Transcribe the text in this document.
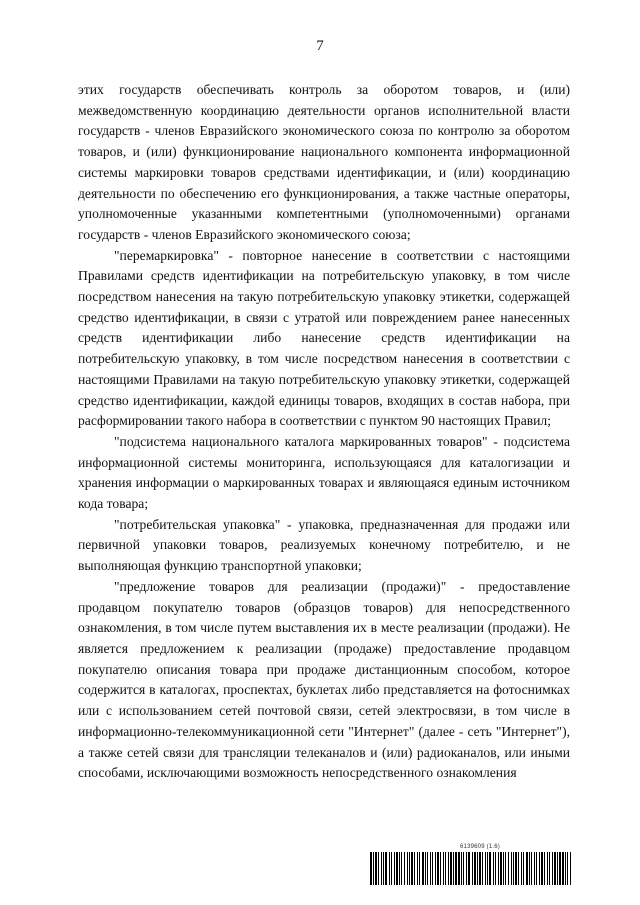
7

этих государств обеспечивать контроль за оборотом товаров, и (или) межведомственную координацию деятельности органов исполнительной власти государств - членов Евразийского экономического союза по контролю за оборотом товаров, и (или) функционирование национального компонента информационной системы маркировки товаров средствами идентификации, и (или) координацию деятельности по обеспечению его функционирования, а также частные операторы, уполномоченные указанными компетентными (уполномоченными) органами государств - членов Евразийского экономического союза;

"перемаркировка" - повторное нанесение в соответствии с настоящими Правилами средств идентификации на потребительскую упаковку, в том числе посредством нанесения на такую потребительскую упаковку этикетки, содержащей средство идентификации, в связи с утратой или повреждением ранее нанесенных средств идентификации либо нанесение средств идентификации на потребительскую упаковку, в том числе посредством нанесения в соответствии с настоящими Правилами на такую потребительскую упаковку этикетки, содержащей средство идентификации, каждой единицы товаров, входящих в состав набора, при расформировании такого набора в соответствии с пунктом 90 настоящих Правил;

"подсистема национального каталога маркированных товаров" - подсистема информационной системы мониторинга, использующаяся для каталогизации и хранения информации о маркированных товарах и являющаяся единым источником кода товара;

"потребительская упаковка" - упаковка, предназначенная для продажи или первичной упаковки товаров, реализуемых конечному потребителю, и не выполняющая функцию транспортной упаковки;

"предложение товаров для реализации (продажи)" - предоставление продавцом покупателю товаров (образцов товаров) для непосредственного ознакомления, в том числе путем выставления их в месте реализации (продажи). Не является предложением к реализации (продаже) предоставление продавцом покупателю описания товара при продаже дистанционным способом, которое содержится в каталогах, проспектах, буклетах либо представляется на фотоснимках или с использованием сетей почтовой связи, сетей электросвязи, в том числе в информационно-телекоммуникационной сети "Интернет" (далее - сеть "Интернет"), а также сетей связи для трансляции телеканалов и (или) радиоканалов, или иными способами, исключающими возможность непосредственного ознакомления

6139609 (1.6)
